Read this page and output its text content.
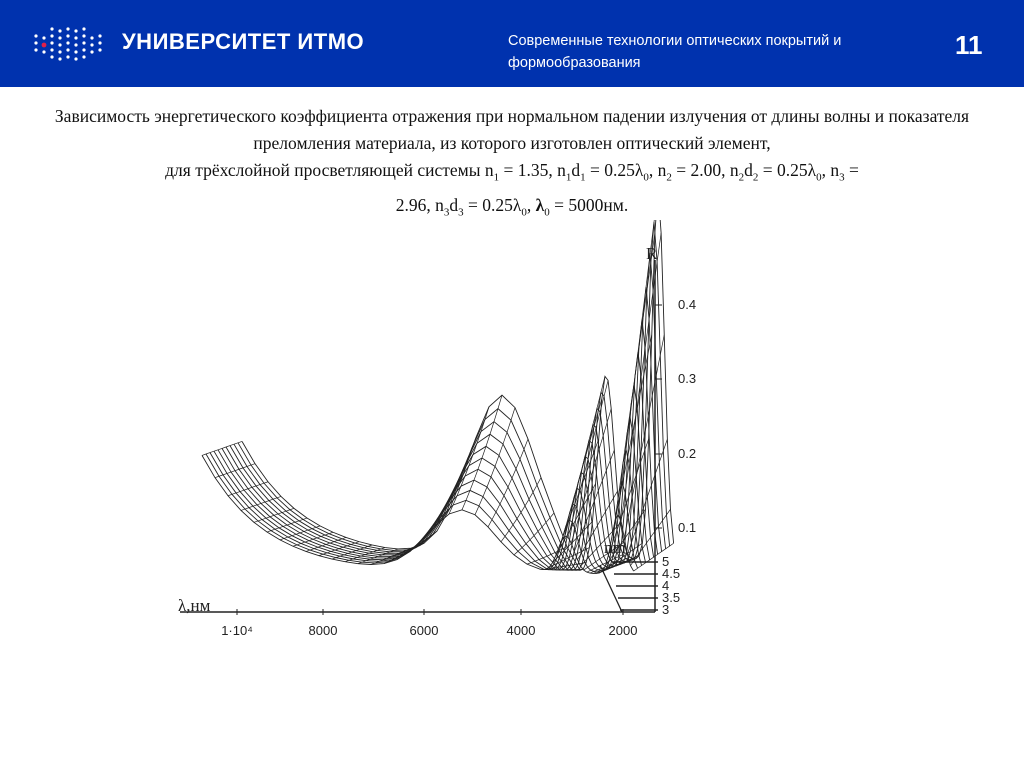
УНИВЕРСИТЕТ ИТМО	Современные технологии оптических покрытий и формообразования
11
Зависимость энергетического коэффициента отражения при нормальном падении излучения от длины волны и показателя преломления материала, из которого изготовлен оптический элемент,
для трёхслойной просветляющей системы $n_1 = 1.35$, $n_1d_1 = 0.25\lambda_0$, $n_2 = 2.00$, $n_2d_2 = 0.25\lambda_0$, $n_3$ =
2.96, $n_3d_3 = 0.25\lambda_0$, $\lambda_0 = 5000нм$.
1·10⁴	8000	6000	4000	2000
0.1
0.2
0.3
0.4
5
4.5
4
3.5
3
R
λ,нм
nm
